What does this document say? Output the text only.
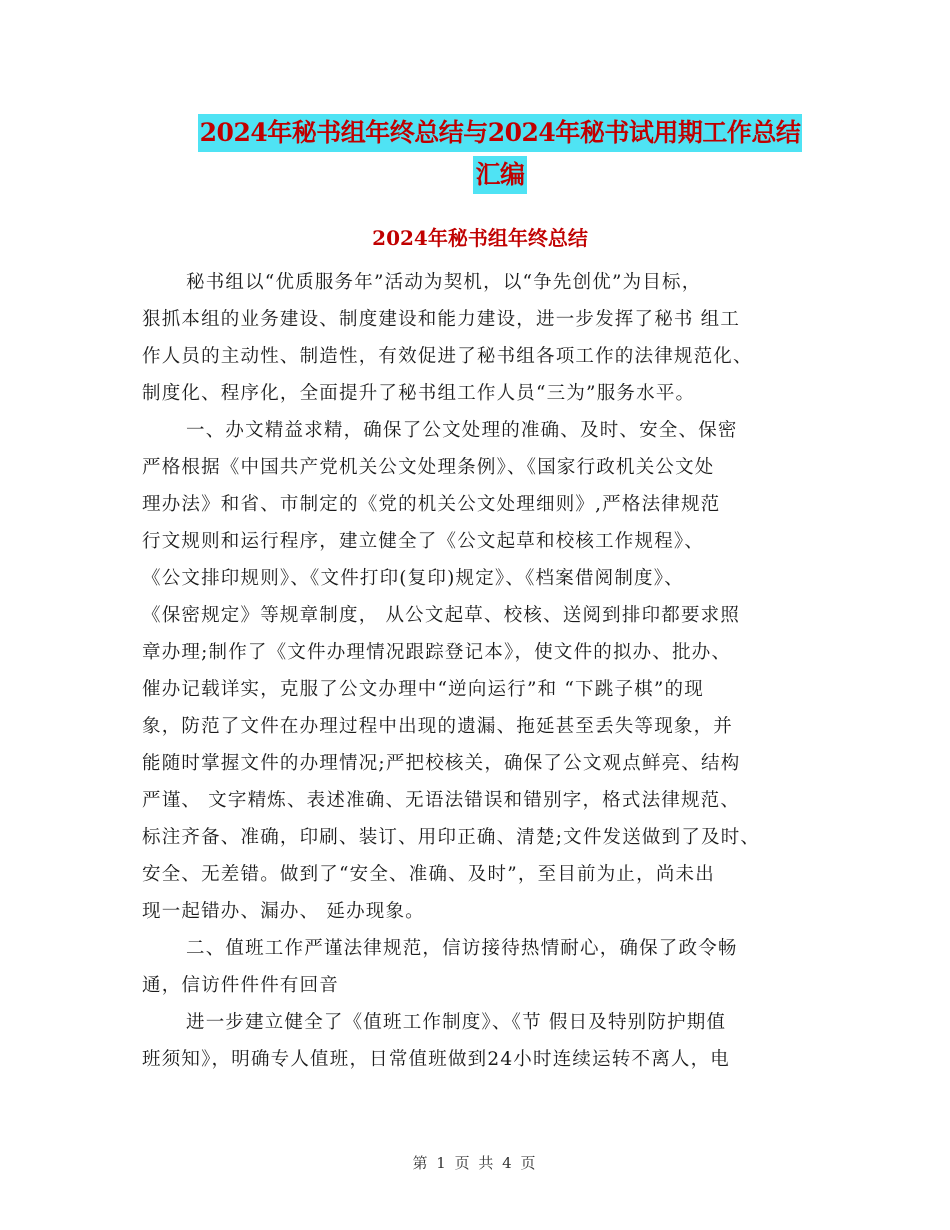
2024年秘书组年终总结与2024年秘书试用期工作总结
汇编
2024年秘书组年终总结
秘书组以“优质服务年”活动为契机，以“争先创优”为目标，
狠抓本组的业务建设、制度建设和能力建设，进一步发挥了秘书 组工
作人员的主动性、制造性，有效促进了秘书组各项工作的法律规范化、
制度化、程序化，全面提升了秘书组工作人员“三为”服务水平。
一、办文精益求精，确保了公文处理的准确、及时、安全、保密
严格根据《中国共产党机关公文处理条例》、《国家行政机关公文处
理办法》和省、市制定的《党的机关公文处理细则》,严格法律规范
行文规则和运行程序，建立健全了《公文起草和校核工作规程》、
《公文排印规则》、《文件打印(复印)规定》、《档案借阅制度》、
《保密规定》等规章制度， 从公文起草、校核、送阅到排印都要求照
章办理;制作了《文件办理情况跟踪登记本》，使文件的拟办、批办、
催办记载详实，克服了公文办理中“逆向运行”和 “下跳子棋”的现
象，防范了文件在办理过程中出现的遗漏、拖延甚至丢失等现象，并
能随时掌握文件的办理情况;严把校核关，确保了公文观点鲜亮、结构
严谨、 文字精炼、表述准确、无语法错误和错别字，格式法律规范、
标注齐备、准确，印刷、装订、用印正确、清楚;文件发送做到了及时、
安全、无差错。做到了“安全、准确、及时”，至目前为止，尚未出
现一起错办、漏办、 延办现象。
二、值班工作严谨法律规范，信访接待热情耐心，确保了政令畅
通，信访件件件有回音
进一步建立健全了《值班工作制度》、《节 假日及特别防护期值
班须知》，明确专人值班，日常值班做到24小时连续运转不离人，电
第 1 页 共 4 页
